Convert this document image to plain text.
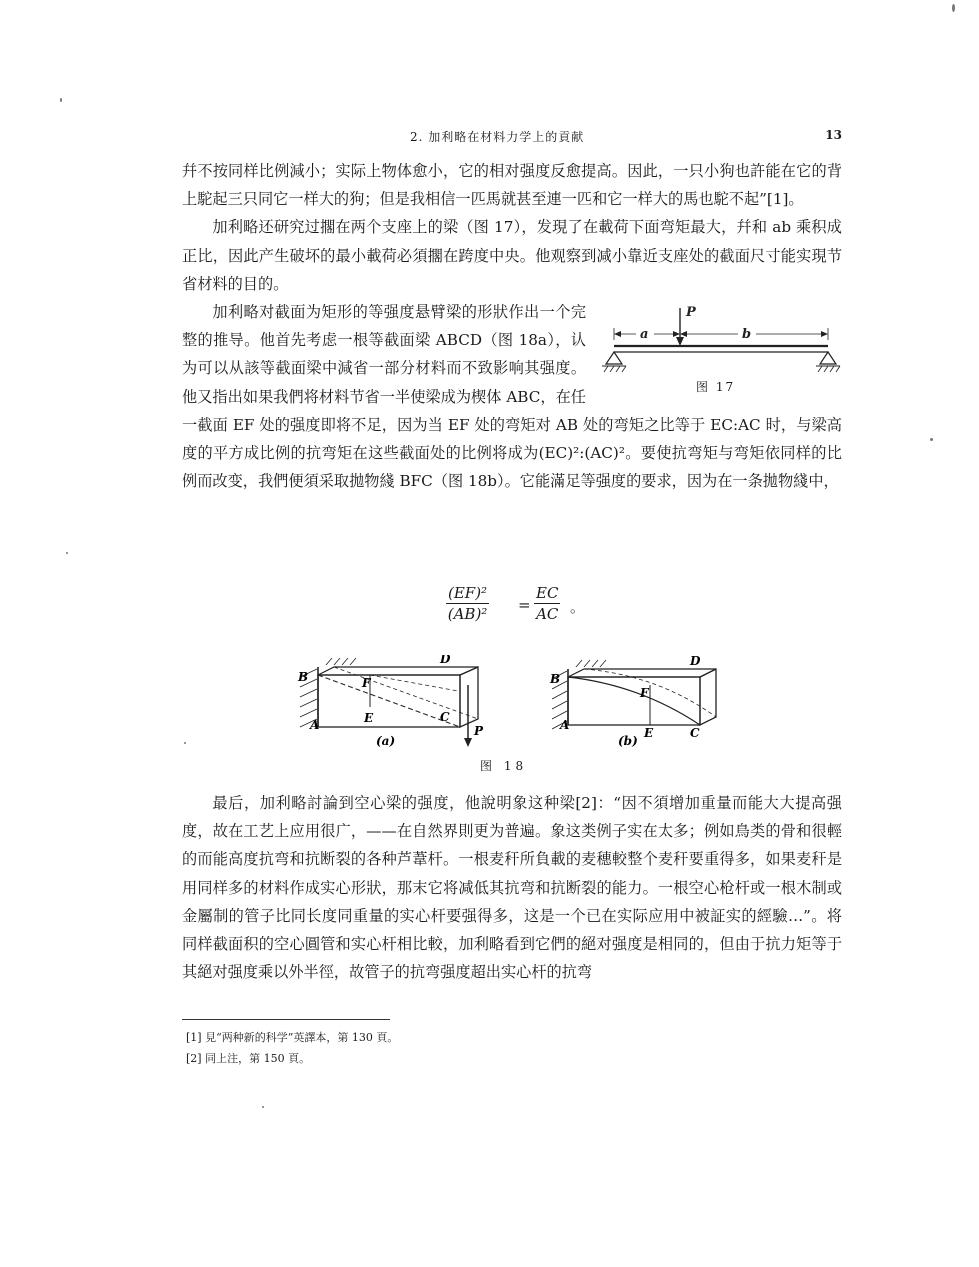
2. 加利略在材料力学上的貢献	13

幷不按同样比例減小；实际上物体愈小，它的相对强度反愈提高。因此，一只小狗也許能在它的背上駝起三只同它一样大的狗；但是我相信一匹馬就甚至連一匹和它一样大的馬也駝不起”[1]。

加利略还研究过擱在两个支座上的梁（图 17），发現了在載荷下面弯矩最大，幷和 ab 乘积成正比，因此产生破坏的最小載荷必須擱在跨度中央。他观察到减小靠近支座处的截面尺寸能实現节省材料的目的。

P
a	b
图 17

加利略对截面为矩形的等强度悬臂梁的形狀作出一个完整的推导。他首先考虑一根等截面梁 ABCD（图 18a），认为可以从該等截面梁中減省一部分材料而不致影响其强度。他又指出如果我們将材料节省一半使梁成为楔体 ABC，在任一截面 EF 处的强度即将不足，因为当 EF 处的弯矩对 AB 处的弯矩之比等于 EC:AC 时，与梁高度的平方成比例的抗弯矩在这些截面处的比例将成为(EC)²:(AC)²。要使抗弯矩与弯矩依同样的比例而改变，我們便須采取拋物綫 BFC（图 18b）。它能滿足等强度的要求，因为在一条拋物綫中，

$\frac{\text{(EF)²}}{\text{(AB)²}} = \frac{EC}{AC}$ 。
B
A
D
F
E	C
P
(a)
B
A
D
F
E	C
(b)
图 18

最后，加利略討論到空心梁的强度，他說明象这种梁[2]：“因不須增加重量而能大大提高强度，故在工艺上应用很广，——在自然界則更为普遍。象这类例子实在太多；例如鳥类的骨和很輕的而能高度抗弯和抗断裂的各种芦葦杆。一根麦秆所負載的麦穗較整个麦秆要重得多，如果麦秆是用同样多的材料作成实心形狀，那末它将减低其抗弯和抗断裂的能力。一根空心枪杆或一根木制或金屬制的管子比同长度同重量的实心杆要强得多，这是一个已在实际应用中被証实的經驗…”。将同样截面积的空心圓管和实心杆相比較，加利略看到它們的絕对强度是相同的，但由于抗力矩等于其絕对强度乘以外半徑，故管子的抗弯强度超出实心杆的抗弯

[1] 見“两种新的科学”英譯本，第 130 頁。
[2] 同上注，第 150 頁。
